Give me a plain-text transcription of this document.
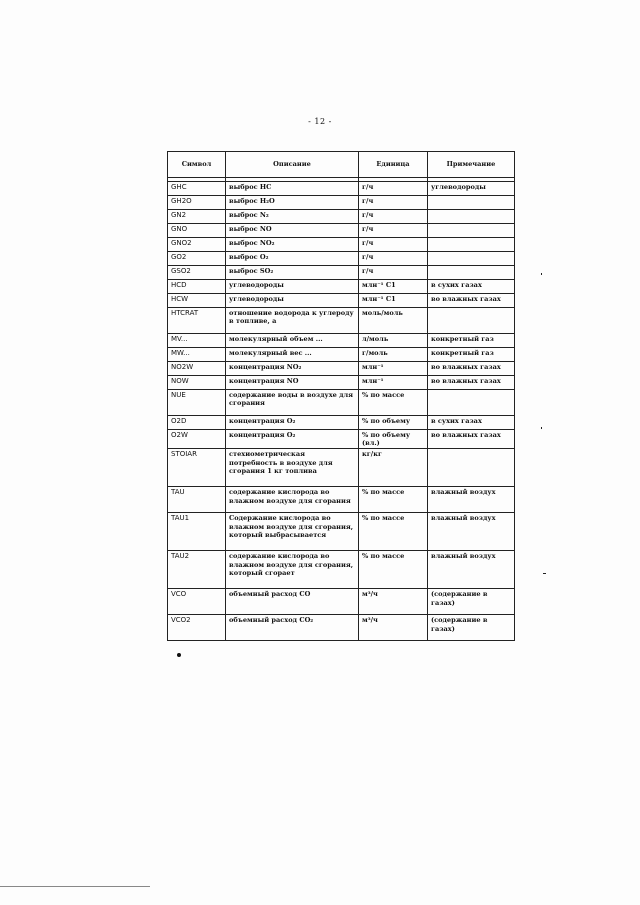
- 12 -
Символ	Описание	Единица	Примечание

GHC	выброс HC	г/ч	углеводороды
GH2O	выброс H₂O	г/ч	
GN2	выброс N₂	г/ч	
GNO	выброс NO	г/ч	
GNO2	выброс NO₂	г/ч	
GO2	выброс O₂	г/ч	
GSO2	выброс SO₂	г/ч	
HCD	углеводороды	млн⁻¹ C1	в сухих газах
HCW	углеводороды	млн⁻¹ C1	во влажных газах
HTCRAT	отношение водорода к углероду в топливе, а	моль/моль	
MV...	молекулярный объем ...	л/моль	конкретный газ
MW...	молекулярный вес ...	г/моль	конкретный газ
NO2W	концентрация NO₂	млн⁻¹	во влажных газах
NOW	концентрация NO	млн⁻¹	во влажных газах
NUE	содержание воды в воздухе для сгорания	% по массе	
O2D	концентрация O₂	% по объему	в сухих газах
O2W	концентрация O₂	% по объему (вл.)	во влажных газах
STOIAR	стехиометрическая потребность в воздухе для сгорания 1 кг топлива	кг/кг	
TAU	содержание кислорода во влажном воздухе для сгорания	% по массе	влажный воздух
TAU1	Содержание кислорода во влажном воздухе для сгорания, который выбрасывается	% по массе	влажный воздух
TAU2	содержание кислорода во влажном воздухе для сгорания, который сгорает	% по массе	влажный воздух
VCO	объемный расход CO	м³/ч	(содержание в газах)
VCO2	объемный расход CO₂	м³/ч	(содержание в газах)
